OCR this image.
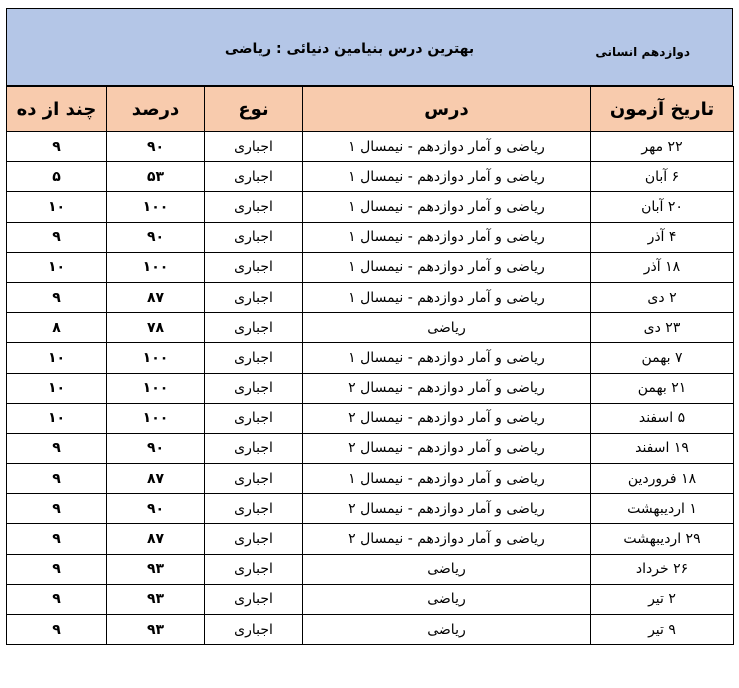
دوازدهم انسانی
بهترین درس بنیامین دنیائی : ریاضی
تاریخ آزمون	درس	نوع	درصد	چند از ده
۲۲ مهر	ریاضی و آمار دوازدهم - نیمسال ۱	اجباری	۹۰	۹
۶ آبان	ریاضی و آمار دوازدهم - نیمسال ۱	اجباری	۵۳	۵
۲۰ آبان	ریاضی و آمار دوازدهم - نیمسال ۱	اجباری	۱۰۰	۱۰
۴ آذر	ریاضی و آمار دوازدهم - نیمسال ۱	اجباری	۹۰	۹
۱۸ آذر	ریاضی و آمار دوازدهم - نیمسال ۱	اجباری	۱۰۰	۱۰
۲ دی	ریاضی و آمار دوازدهم - نیمسال ۱	اجباری	۸۷	۹
۲۳ دی	ریاضی	اجباری	۷۸	۸
۷ بهمن	ریاضی و آمار دوازدهم - نیمسال ۱	اجباری	۱۰۰	۱۰
۲۱ بهمن	ریاضی و آمار دوازدهم - نیمسال ۲	اجباری	۱۰۰	۱۰
۵ اسفند	ریاضی و آمار دوازدهم - نیمسال ۲	اجباری	۱۰۰	۱۰
۱۹ اسفند	ریاضی و آمار دوازدهم - نیمسال ۲	اجباری	۹۰	۹
۱۸ فروردین	ریاضی و آمار دوازدهم - نیمسال ۱	اجباری	۸۷	۹
۱ اردیبهشت	ریاضی و آمار دوازدهم - نیمسال ۲	اجباری	۹۰	۹
۲۹ اردیبهشت	ریاضی و آمار دوازدهم - نیمسال ۲	اجباری	۸۷	۹
۲۶ خرداد	ریاضی	اجباری	۹۳	۹
۲ تیر	ریاضی	اجباری	۹۳	۹
۹ تیر	ریاضی	اجباری	۹۳	۹
